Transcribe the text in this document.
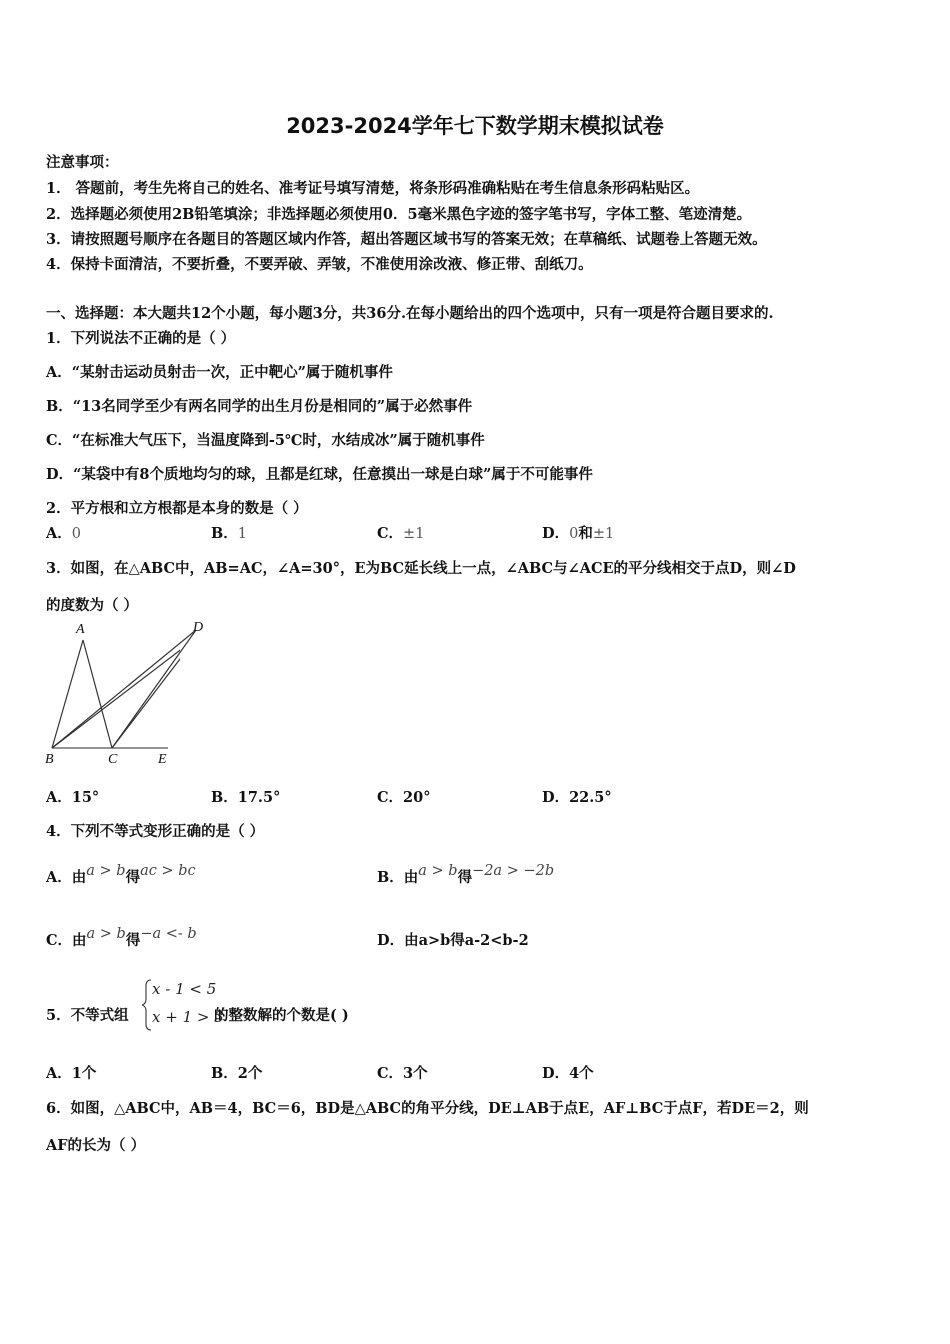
2023-2024学年七下数学期末模拟试卷
注意事项：
1． 答题前，考生先将自己的姓名、准考证号填写清楚，将条形码准确粘贴在考生信息条形码粘贴区。
2．选择题必须使用2B铅笔填涂；非选择题必须使用0．5毫米黑色字迹的签字笔书写，字体工整、笔迹清楚。
3．请按照题号顺序在各题目的答题区域内作答，超出答题区域书写的答案无效；在草稿纸、试题卷上答题无效。
4．保持卡面清洁，不要折叠，不要弄破、弄皱，不准使用涂改液、修正带、刮纸刀。
一、选择题：本大题共12个小题，每小题3分，共36分.在每小题给出的四个选项中，只有一项是符合题目要求的.
1．下列说法不正确的是（ ）
A．“某射击运动员射击一次，正中靶心”属于随机事件
B．“13名同学至少有两名同学的出生月份是相同的”属于必然事件
C．“在标准大气压下，当温度降到-5℃时，水结成冰”属于随机事件
D．“某袋中有8个质地均匀的球，且都是红球，任意摸出一球是白球”属于不可能事件
2．平方根和立方根都是本身的数是（ ）
A．0	B．1	C．±1	D．0和±1
3．如图，在△ABC中，AB=AC，∠A=30°，E为BC延长线上一点，∠ABC与∠ACE的平分线相交于点D，则∠D
的度数为（ ）
A	D
B	C	E
A．15°	B．17.5°	C．20°	D．22.5°
4．下列不等式变形正确的是（ ）
A．由a > b得ac > bc	B．由a > b得−2a > −2b
C．由a > b得−a <- b	D．由a>b得a-2<b-2
5．不等式组
x - 1 < 5
x + 1 > 3
的整数解的个数是( )
A．1个	B．2个	C．3个	D．4个
6．如图，△ABC中，AB＝4，BC＝6，BD是△ABC的角平分线，DE⊥AB于点E，AF⊥BC于点F，若DE＝2，则
AF的长为（ ）
